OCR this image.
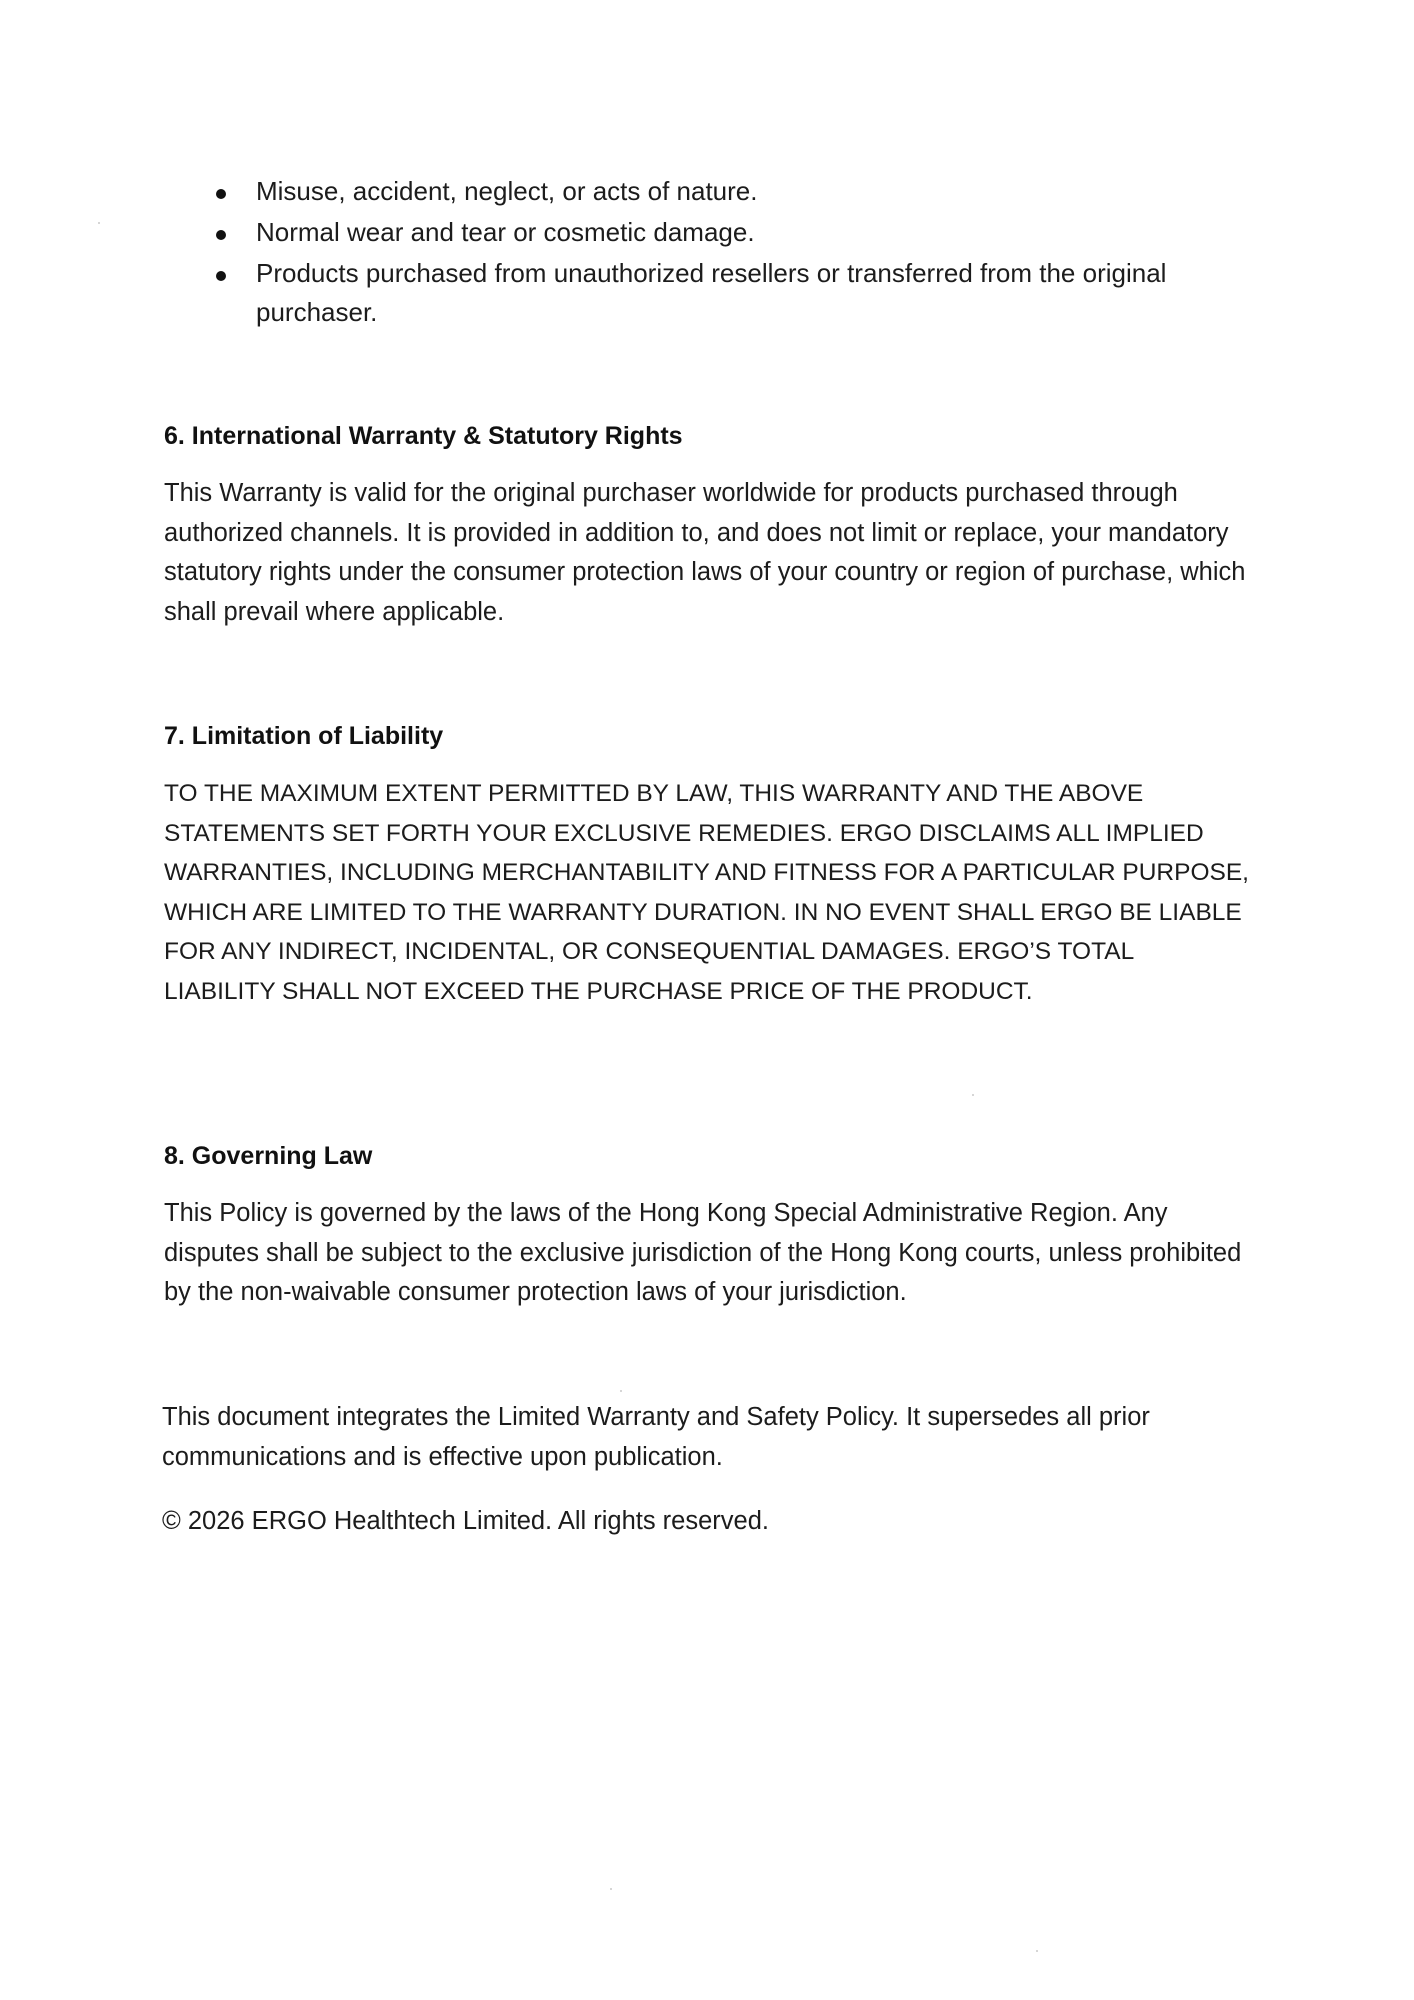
Misuse, accident, neglect, or acts of nature.
Normal wear and tear or cosmetic damage.
Products purchased from unauthorized resellers or transferred from the original purchaser.
6. International Warranty & Statutory Rights

This Warranty is valid for the original purchaser worldwide for products purchased through authorized channels. It is provided in addition to, and does not limit or replace, your mandatory statutory rights under the consumer protection laws of your country or region of purchase, which shall prevail where applicable.

7. Limitation of Liability

TO THE MAXIMUM EXTENT PERMITTED BY LAW, THIS WARRANTY AND THE ABOVE STATEMENTS SET FORTH YOUR EXCLUSIVE REMEDIES. ERGO DISCLAIMS ALL IMPLIED WARRANTIES, INCLUDING MERCHANTABILITY AND FITNESS FOR A PARTICULAR PURPOSE, WHICH ARE LIMITED TO THE WARRANTY DURATION. IN NO EVENT SHALL ERGO BE LIABLE FOR ANY INDIRECT, INCIDENTAL, OR CONSEQUENTIAL DAMAGES. ERGO’S TOTAL LIABILITY SHALL NOT EXCEED THE PURCHASE PRICE OF THE PRODUCT.

8. Governing Law

This Policy is governed by the laws of the Hong Kong Special Administrative Region. Any disputes shall be subject to the exclusive jurisdiction of the Hong Kong courts, unless prohibited by the non-waivable consumer protection laws of your jurisdiction.

This document integrates the Limited Warranty and Safety Policy. It supersedes all prior communications and is effective upon publication.

© 2026 ERGO Healthtech Limited. All rights reserved.
